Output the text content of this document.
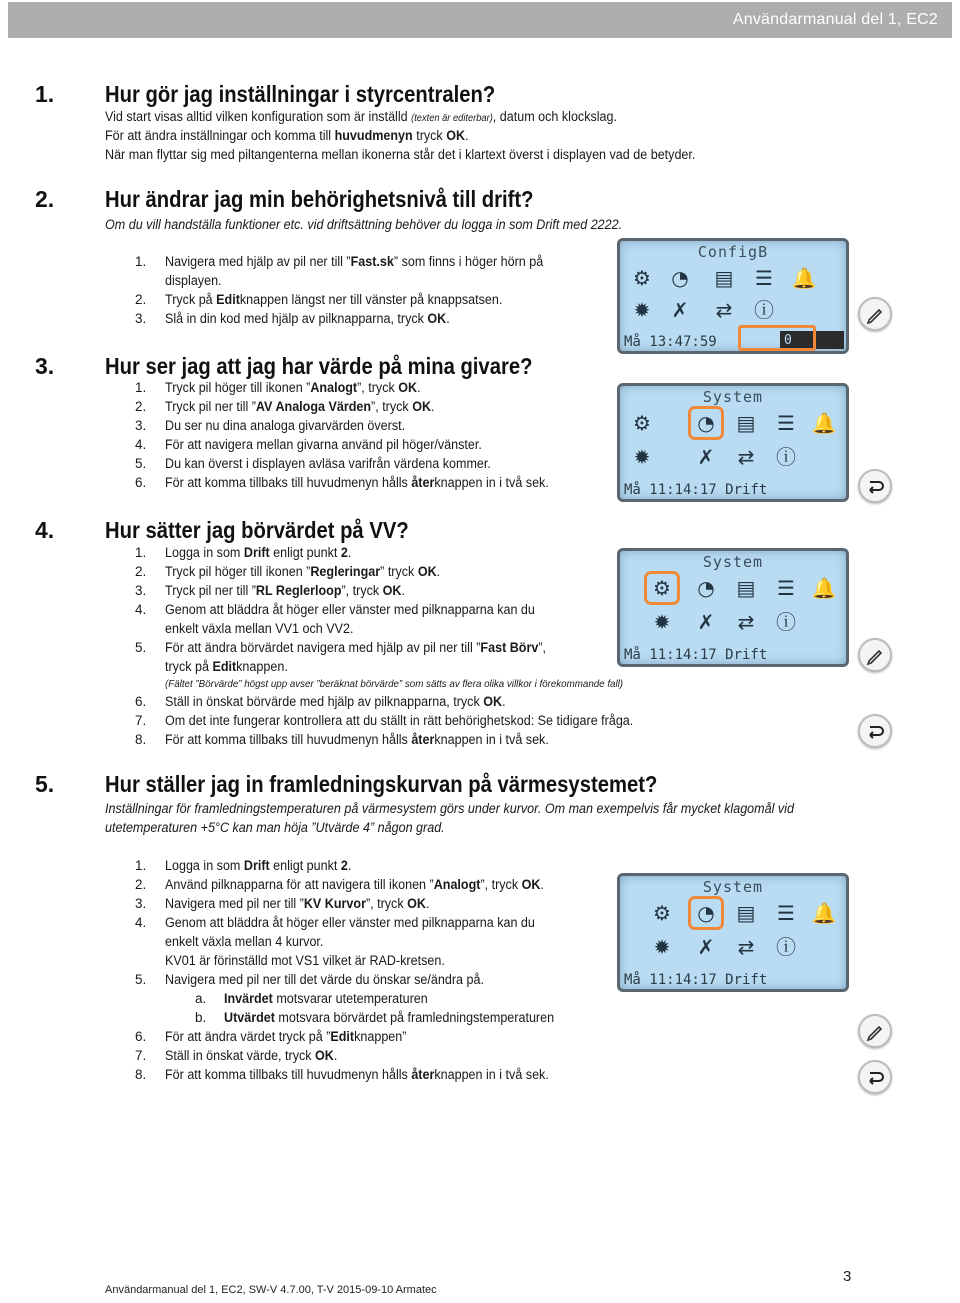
Användarmanual del 1, EC2
1. Hur gör jag inställningar i styrcentralen?
Vid start visas alltid vilken konfiguration som är inställd (texten är editerbar), datum och klockslag.
För att ändra inställningar och komma till huvudmenyn tryck OK.
När man flyttar sig med piltangenterna mellan ikonerna står det i klartext överst i displayen vad de betyder.
2. Hur ändrar jag min behörighetsnivå till drift?
Om du vill handställa funktioner etc. vid driftsättning behöver du logga in som Drift med 2222.
1. Navigera med hjälp av pil ner till ”Fast.sk” som finns i höger hörn på
displayen.
2. Tryck på Editknappen längst ner till vänster på knappsatsen.
3. Slå in din kod med hjälp av pilknapparna, tryck OK.
ConfigB
⚙ ◔ ▤ ☰ 🔔
✹ ✗ ⇄ ⓘ
Må 13:47:59	0
3. Hur ser jag att jag har värde på mina givare?
1. Tryck pil höger till ikonen ”Analogt”, tryck OK.
2. Tryck pil ner till ”AV Analoga Värden”, tryck OK.
3. Du ser nu dina analoga givarvärden överst.
4. För att navigera mellan givarna använd pil höger/vänster.
5. Du kan överst i displayen avläsa varifrån värdena kommer.
6. För att komma tillbaks till huvudmenyn hålls återknappen in i två sek.
System
⚙ ◔ ▤ ☰ 🔔
✹ ✗ ⇄ ⓘ
Må 11:14:17 Drift
4. Hur sätter jag börvärdet på VV?
1. Logga in som Drift enligt punkt 2.
2. Tryck pil höger till ikonen ”Regleringar” tryck OK.
3. Tryck pil ner till ”RL Reglerloop”, tryck OK.
4. Genom att bläddra åt höger eller vänster med pilknapparna kan du
enkelt växla mellan VV1 och VV2.
5. För att ändra börvärdet navigera med hjälp av pil ner till ”Fast Börv”,
tryck på Editknappen.
(Fältet ”Börvärde” högst upp avser ”beräknat börvärde” som sätts av flera olika villkor i förekommande fall)
6. Ställ in önskat börvärde med hjälp av pilknapparna, tryck OK.
7. Om det inte fungerar kontrollera att du ställt in rätt behörighetskod: Se tidigare fråga.
8. För att komma tillbaks till huvudmenyn hålls återknappen in i två sek.
System
⚙ ◔ ▤ ☰ 🔔
✹ ✗ ⇄ ⓘ
Må 11:14:17 Drift
5. Hur ställer jag in framledningskurvan på värmesystemet?
Inställningar för framledningstemperaturen på värmesystem görs under kurvor. Om man exempelvis får mycket klagomål vid
utetemperaturen +5°C kan man höja ”Utvärde 4” någon grad.
1. Logga in som Drift enligt punkt 2.
2. Använd pilknapparna för att navigera till ikonen ”Analogt”, tryck OK.
3. Navigera med pil ner till ”KV Kurvor”, tryck OK.
4. Genom att bläddra åt höger eller vänster med pilknapparna kan du
enkelt växla mellan 4 kurvor.
KV01 är förinställd mot VS1 vilket är RAD-kretsen.
5. Navigera med pil ner till det värde du önskar se/ändra på.
a. Invärdet motsvarar utetemperaturen
b. Utvärdet motsvara börvärdet på framledningstemperaturen
6. För att ändra värdet tryck på ”Editknappen”
7. Ställ in önskat värde, tryck OK.
8. För att komma tillbaks till huvudmenyn hålls återknappen in i två sek.
System
⚙ ◔ ▤ ☰ 🔔
✹ ✗ ⇄ ⓘ
Må 11:14:17 Drift
3
Användarmanual del 1, EC2, SW-V 4.7.00, T-V 2015-09-10 Armatec
